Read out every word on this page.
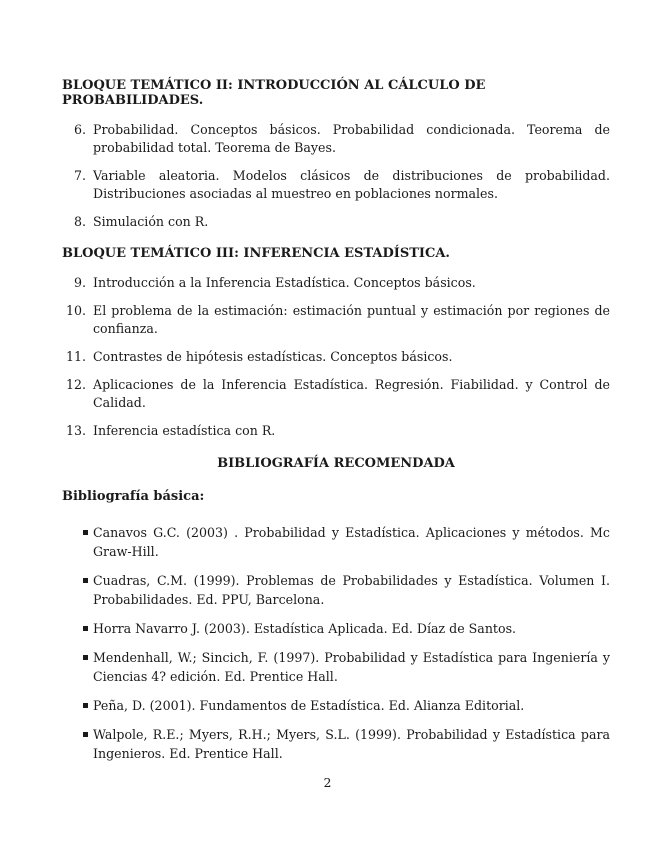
BLOQUE TEMÁTICO II: INTRODUCCIÓN AL CÁLCULO DE PROBABILIDADES.
6. Probabilidad. Conceptos básicos. Probabilidad condicionada. Teorema de probabilidad total. Teorema de Bayes.
7. Variable aleatoria. Modelos clásicos de distribuciones de probabilidad. Distribuciones asociadas al muestreo en poblaciones normales.
8. Simulación con R.
BLOQUE TEMÁTICO III: INFERENCIA ESTADÍSTICA.
9. Introducción a la Inferencia Estadística. Conceptos básicos.
10. El problema de la estimación: estimación puntual y estimación por regiones de confianza.
11. Contrastes de hipótesis estadísticas. Conceptos básicos.
12. Aplicaciones de la Inferencia Estadística. Regresión. Fiabilidad. y Control de Calidad.
13. Inferencia estadística con R.
BIBLIOGRAFÍA RECOMENDADA
Bibliografía básica:
Canavos G.C. (2003) . Probabilidad y Estadística. Aplicaciones y métodos. Mc Graw-Hill.
Cuadras, C.M. (1999). Problemas de Probabilidades y Estadística. Volumen I. Probabilidades. Ed. PPU, Barcelona.
Horra Navarro J. (2003). Estadística Aplicada. Ed. Díaz de Santos.
Mendenhall, W.; Sincich, F. (1997). Probabilidad y Estadística para Ingeniería y Ciencias 4? edición. Ed. Prentice Hall.
Peña, D. (2001). Fundamentos de Estadística. Ed. Alianza Editorial.
Walpole, R.E.; Myers, R.H.; Myers, S.L. (1999). Probabilidad y Estadística para Ingenieros. Ed. Prentice Hall.
2
